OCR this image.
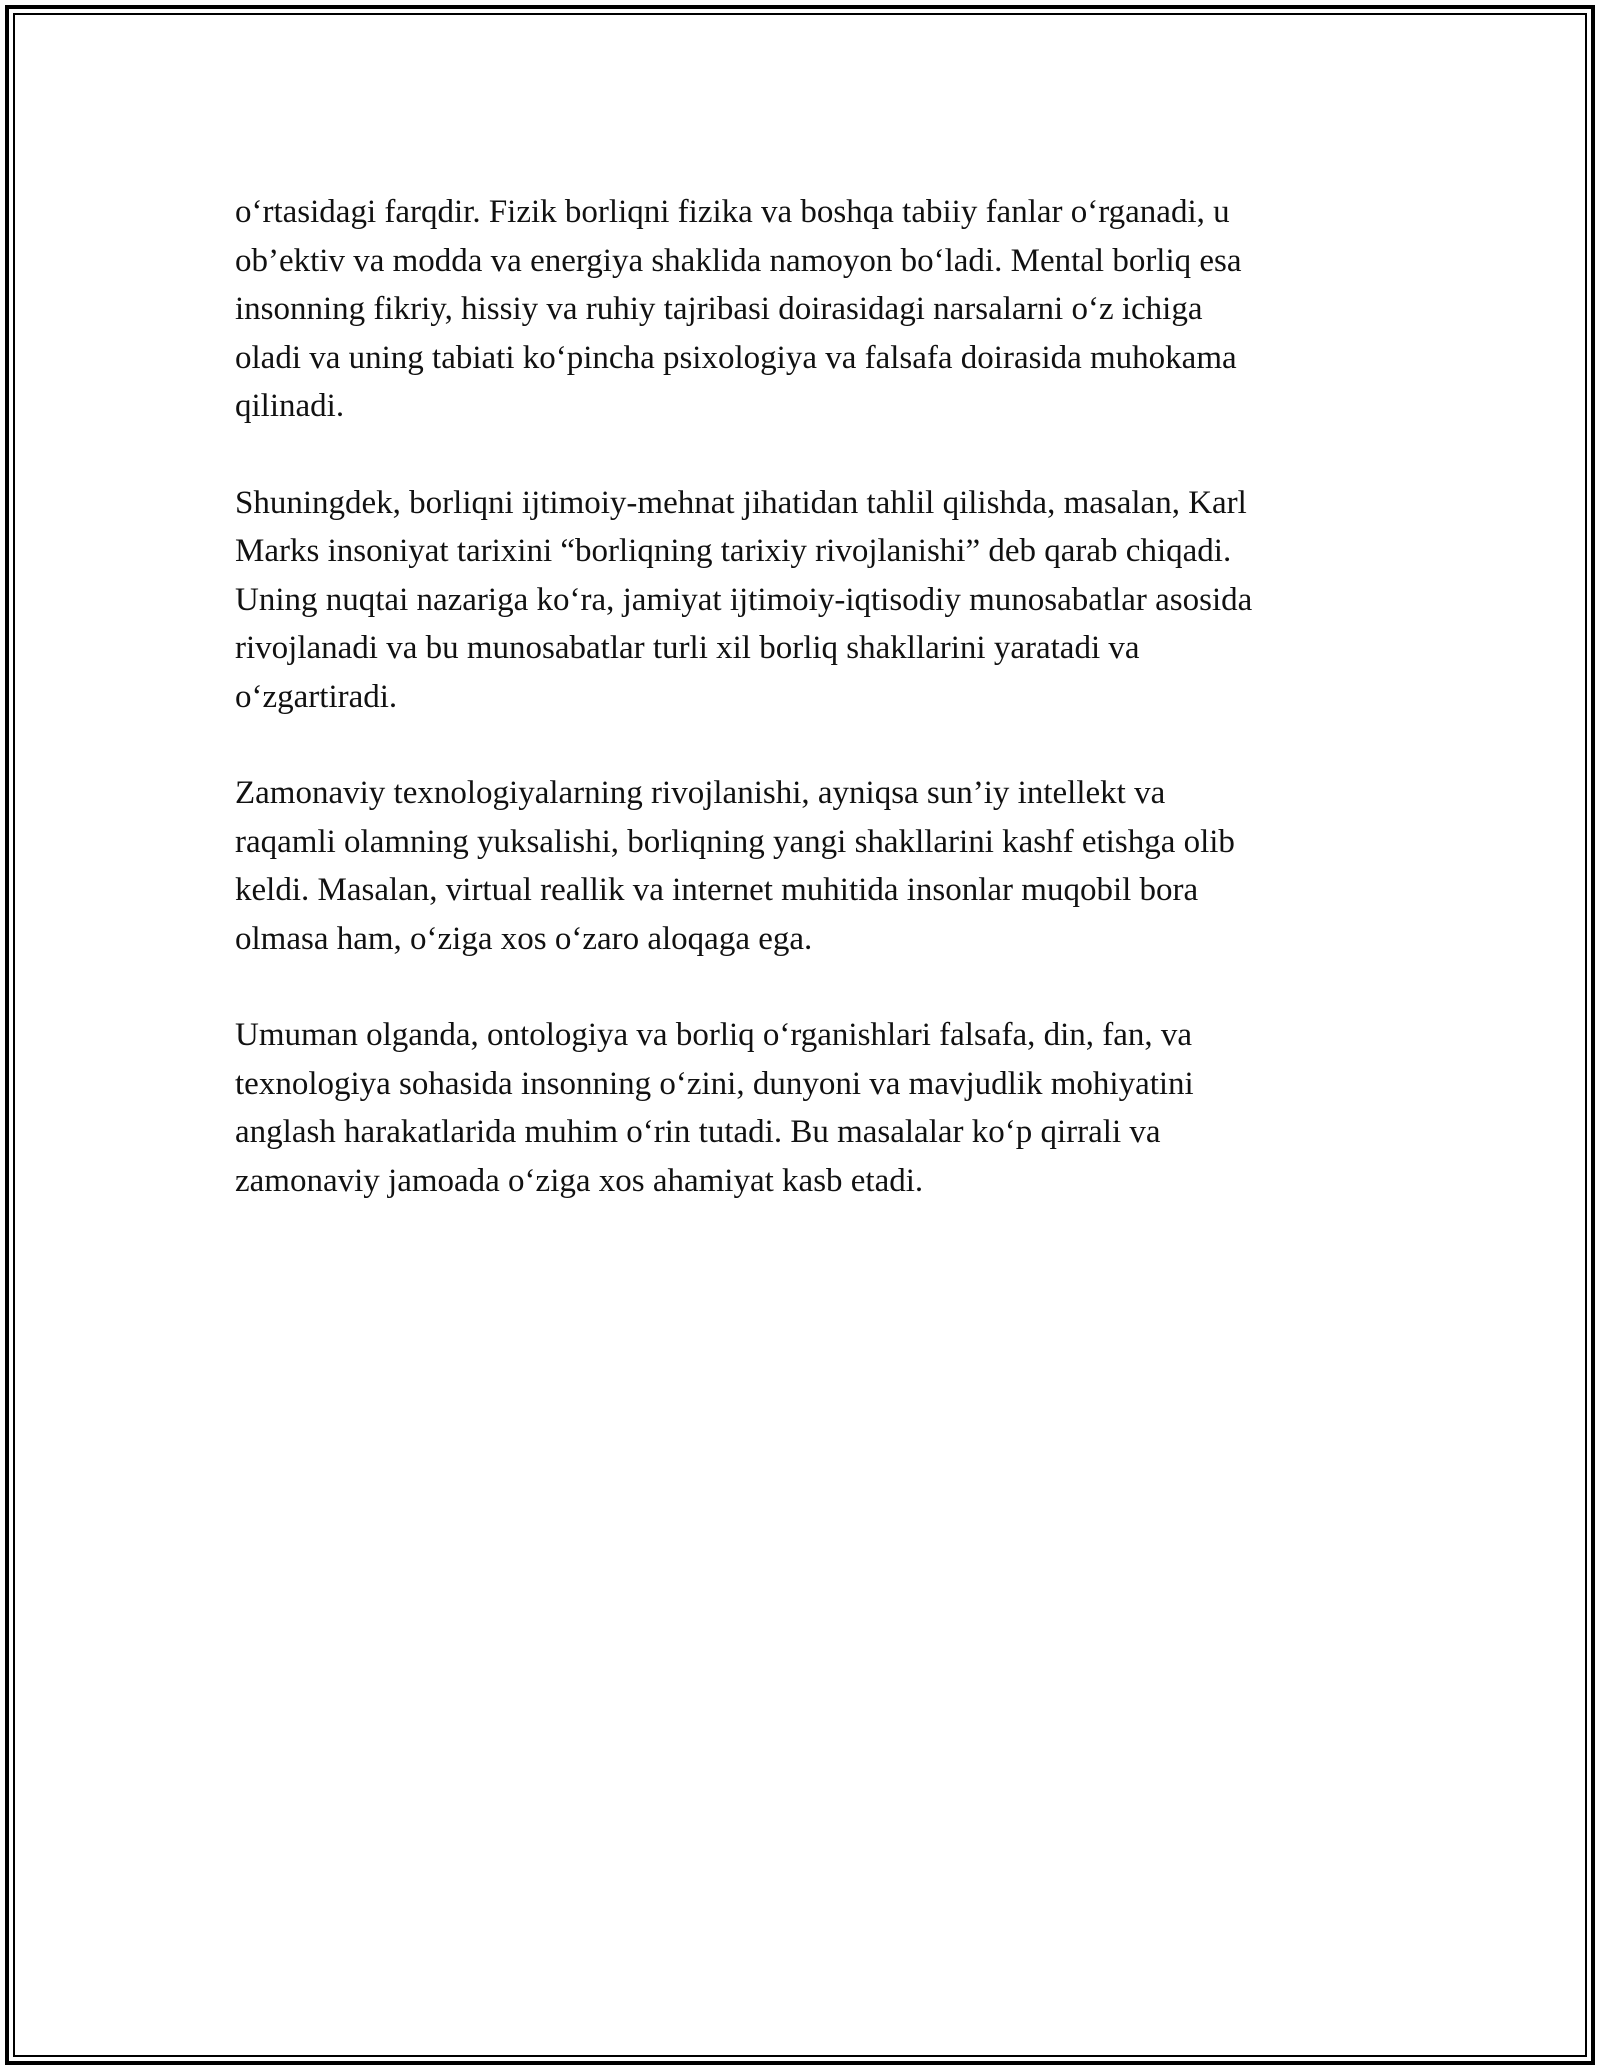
o‘rtasidagi farqdir. Fizik borliqni fizika va boshqa tabiiy fanlar o‘rganadi, u
ob’ektiv va modda va energiya shaklida namoyon bo‘ladi. Mental borliq esa
insonning fikriy, hissiy va ruhiy tajribasi doirasidagi narsalarni o‘z ichiga
oladi va uning tabiati ko‘pincha psixologiya va falsafa doirasida muhokama
qilinadi.

Shuningdek, borliqni ijtimoiy-mehnat jihatidan tahlil qilishda, masalan, Karl
Marks insoniyat tarixini “borliqning tarixiy rivojlanishi” deb qarab chiqadi.
Uning nuqtai nazariga ko‘ra, jamiyat ijtimoiy-iqtisodiy munosabatlar asosida
rivojlanadi va bu munosabatlar turli xil borliq shakllarini yaratadi va
o‘zgartiradi.

Zamonaviy texnologiyalarning rivojlanishi, ayniqsa sun’iy intellekt va
raqamli olamning yuksalishi, borliqning yangi shakllarini kashf etishga olib
keldi. Masalan, virtual reallik va internet muhitida insonlar muqobil bora
olmasa ham, o‘ziga xos o‘zaro aloqaga ega.

Umuman olganda, ontologiya va borliq o‘rganishlari falsafa, din, fan, va
texnologiya sohasida insonning o‘zini, dunyoni va mavjudlik mohiyatini
anglash harakatlarida muhim o‘rin tutadi. Bu masalalar ko‘p qirrali va
zamonaviy jamoada o‘ziga xos ahamiyat kasb etadi.
